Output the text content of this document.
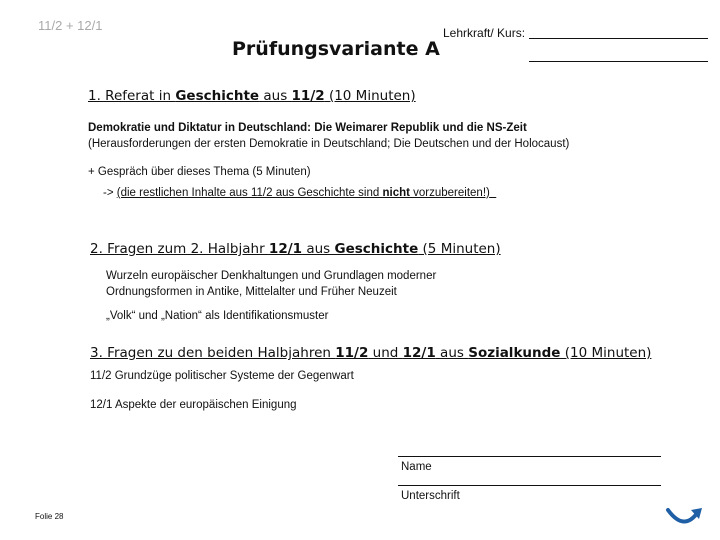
11/2 + 12/1
Prüfungsvariante A
Lehrkraft/ Kurs:
1. Referat in Geschichte aus 11/2 (10 Minuten)
Demokratie und Diktatur in Deutschland: Die Weimarer Republik und die NS-Zeit
(Herausforderungen der ersten Demokratie in Deutschland; Die Deutschen und der Holocaust)
+ Gespräch über dieses Thema (5 Minuten)
-> (die restlichen Inhalte aus 11/2 aus Geschichte sind nicht vorzubereiten!)
2. Fragen zum 2. Halbjahr 12/1 aus Geschichte (5 Minuten)
Wurzeln europäischer Denkhaltungen und Grundlagen moderner
Ordnungsformen in Antike, Mittelalter und Früher Neuzeit
„Volk“ und „Nation“ als Identifikationsmuster
3. Fragen zu den beiden Halbjahren 11/2 und 12/1 aus Sozialkunde (10 Minuten)
11/2 Grundzüge politischer Systeme der Gegenwart
12/1 Aspekte der europäischen Einigung
Name
Unterschrift
Folie 28
